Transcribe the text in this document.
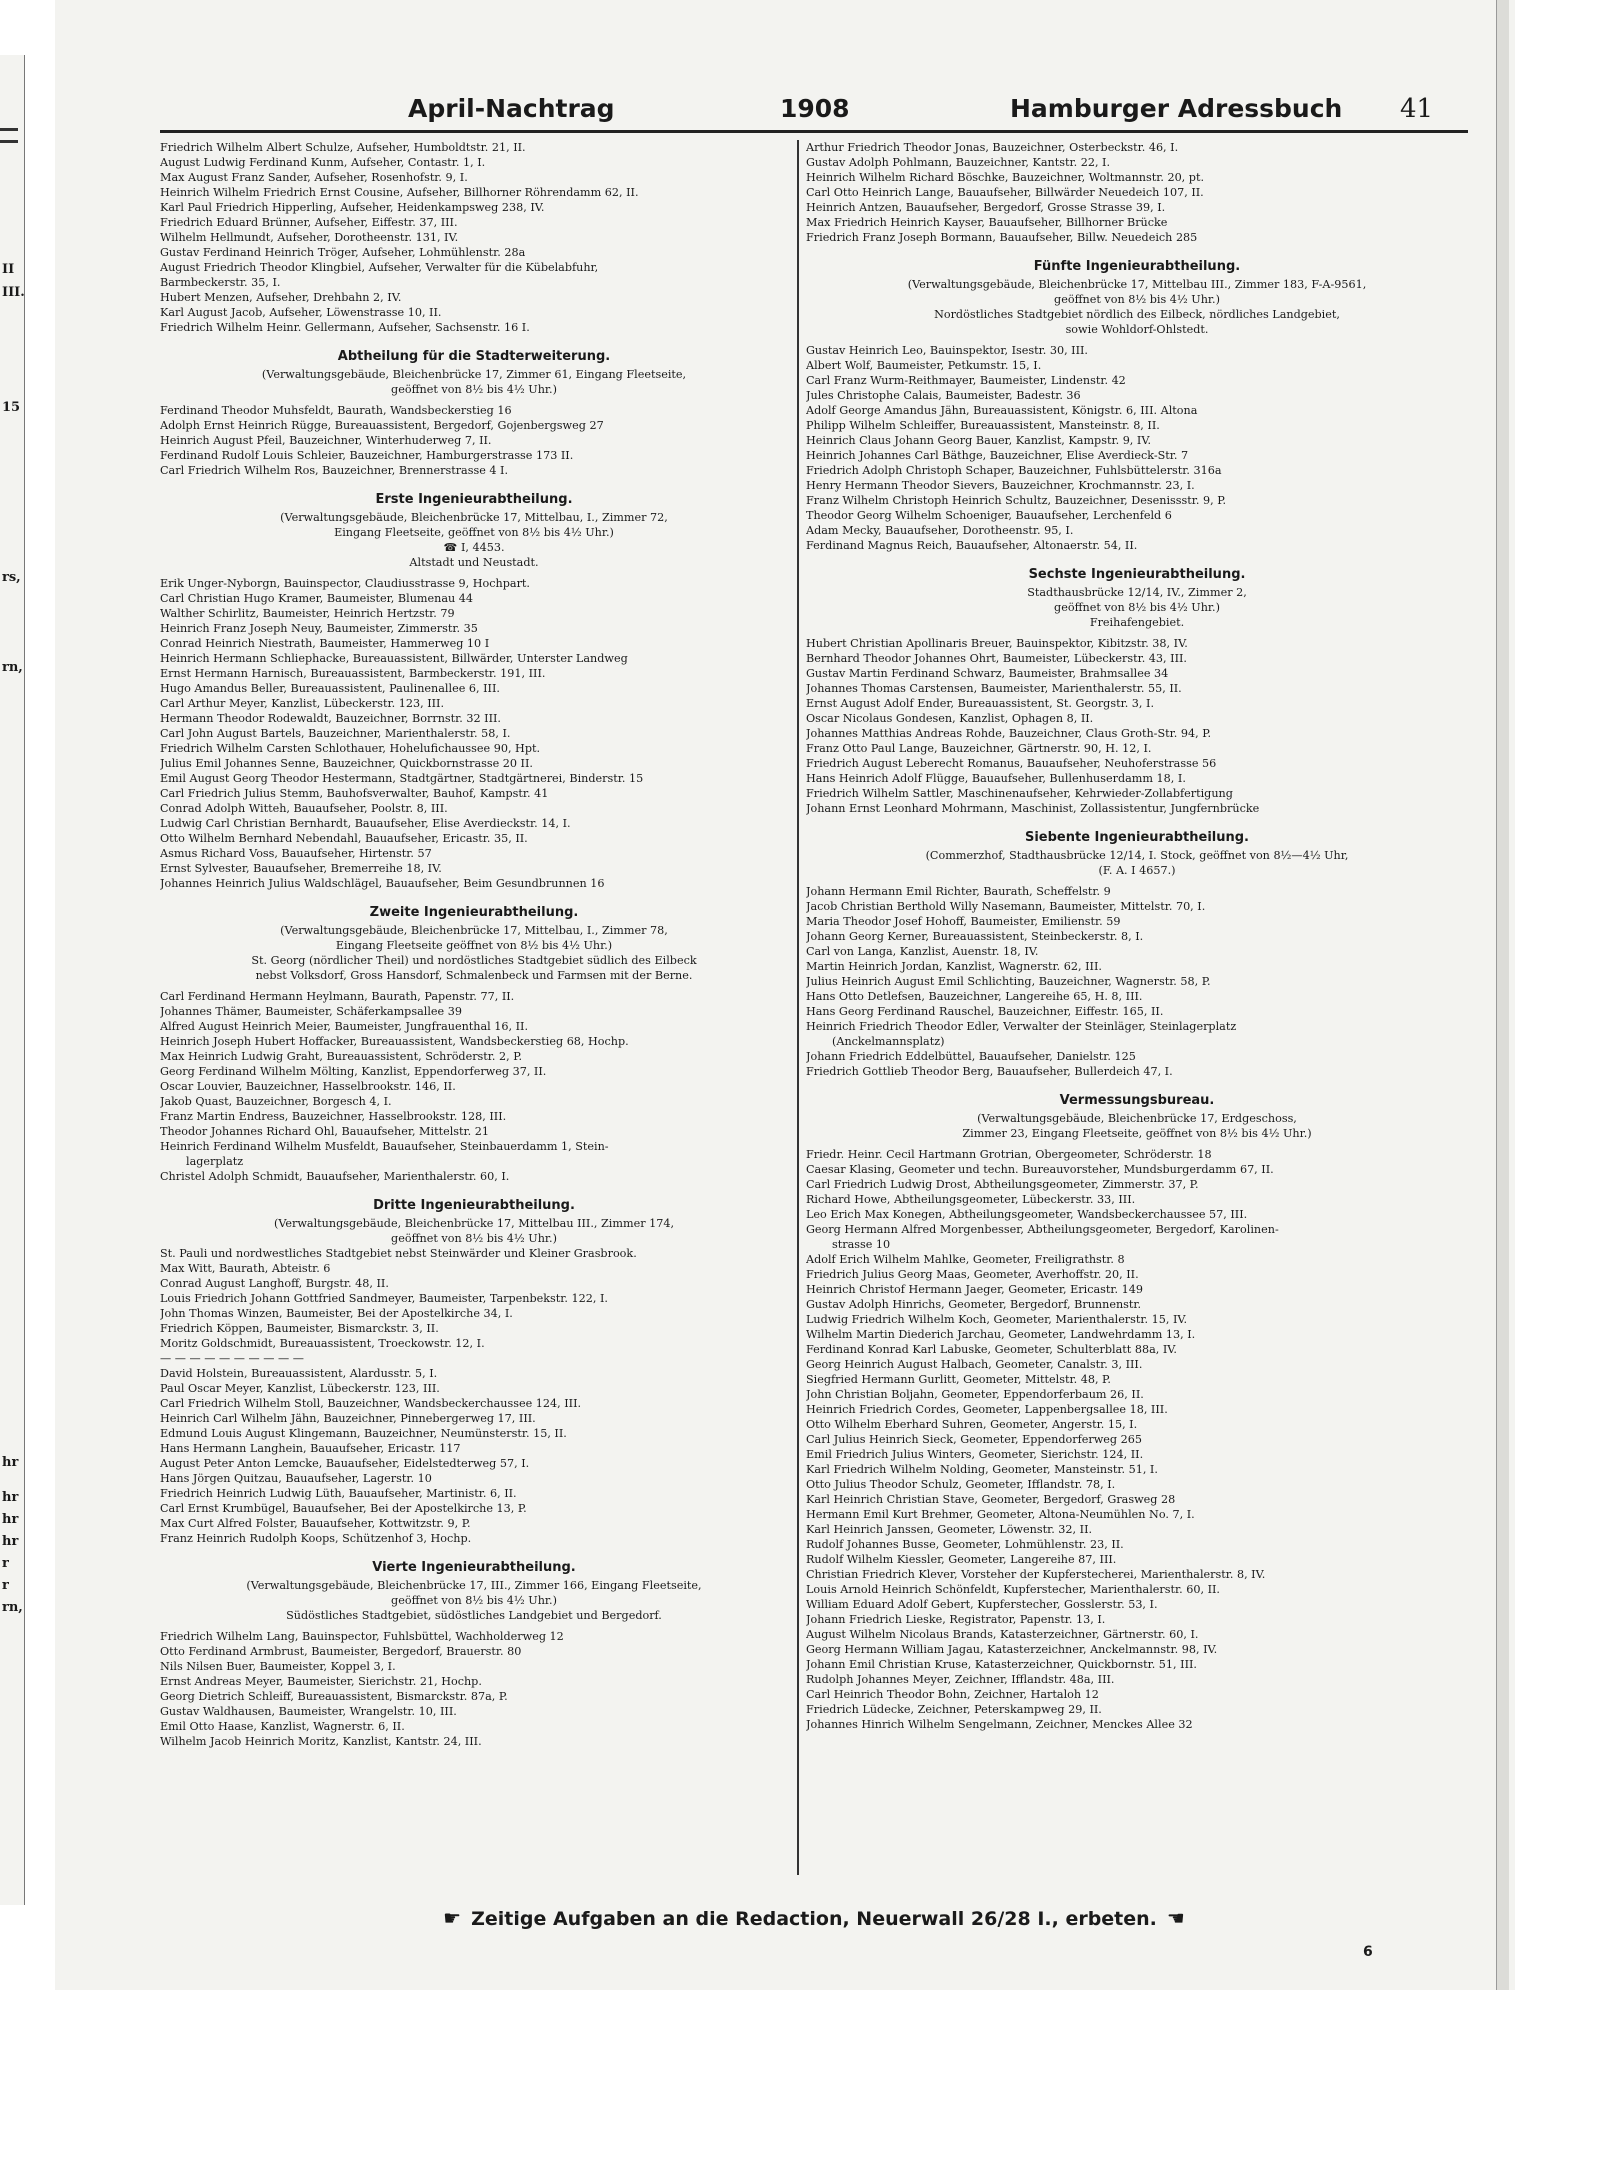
II
III.
15
rs,
rn,
hr
hr
hr
hr
r
r
rn,
April-Nachtrag	1908	Hamburger Adressbuch 41
Friedrich Wilhelm Albert Schulze, Aufseher, Humboldtstr. 21, II.
August Ludwig Ferdinand Kunm, Aufseher, Contastr. 1, I.
Max August Franz Sander, Aufseher, Rosenhofstr. 9, I.
Heinrich Wilhelm Friedrich Ernst Cousine, Aufseher, Billhorner Röhrendamm 62, II.
Karl Paul Friedrich Hipperling, Aufseher, Heidenkampsweg 238, IV.
Friedrich Eduard Brünner, Aufseher, Eiffestr. 37, III.
Wilhelm Hellmundt, Aufseher, Dorotheenstr. 131, IV.
Gustav Ferdinand Heinrich Tröger, Aufseher, Lohmühlenstr. 28a
August Friedrich Theodor Klingbiel, Aufseher, Verwalter für die Kübelabfuhr,
Barmbeckerstr. 35, I.
Hubert Menzen, Aufseher, Drehbahn 2, IV.
Karl August Jacob, Aufseher, Löwenstrasse 10, II.
Friedrich Wilhelm Heinr. Gellermann, Aufseher, Sachsenstr. 16 I.
Abtheilung für die Stadterweiterung.
(Verwaltungsgebäude, Bleichenbrücke 17, Zimmer 61, Eingang Fleetseite,
geöffnet von 8½ bis 4½ Uhr.)
Ferdinand Theodor Muhsfeldt, Baurath, Wandsbeckerstieg 16
Adolph Ernst Heinrich Rügge, Bureauassistent, Bergedorf, Gojenbergsweg 27
Heinrich August Pfeil, Bauzeichner, Winterhuderweg 7, II.
Ferdinand Rudolf Louis Schleier, Bauzeichner, Hamburgerstrasse 173 II.
Carl Friedrich Wilhelm Ros, Bauzeichner, Brennerstrasse 4 I.
Erste Ingenieurabtheilung.
(Verwaltungsgebäude, Bleichenbrücke 17, Mittelbau, I., Zimmer 72,
Eingang Fleetseite, geöffnet von 8½ bis 4½ Uhr.)
☎ I, 4453.
Altstadt und Neustadt.
Erik Unger-Nyborgn, Bauinspector, Claudiusstrasse 9, Hochpart.
Carl Christian Hugo Kramer, Baumeister, Blumenau 44
Walther Schirlitz, Baumeister, Heinrich Hertzstr. 79
Heinrich Franz Joseph Neuy, Baumeister, Zimmerstr. 35
Conrad Heinrich Niestrath, Baumeister, Hammerweg 10 I
Heinrich Hermann Schliephacke, Bureauassistent, Billwärder, Unterster Landweg
Ernst Hermann Harnisch, Bureauassistent, Barmbeckerstr. 191, III.
Hugo Amandus Beller, Bureauassistent, Paulinenallee 6, III.
Carl Arthur Meyer, Kanzlist, Lübeckerstr. 123, III.
Hermann Theodor Rodewaldt, Bauzeichner, Borrnstr. 32 III.
Carl John August Bartels, Bauzeichner, Marienthalerstr. 58, I.
Friedrich Wilhelm Carsten Schlothauer, Hohelufichaussee 90, Hpt.
Julius Emil Johannes Senne, Bauzeichner, Quickbornstrasse 20 II.
Emil August Georg Theodor Hestermann, Stadtgärtner, Stadtgärtnerei, Binderstr. 15
Carl Friedrich Julius Stemm, Bauhofsverwalter, Bauhof, Kampstr. 41
Conrad Adolph Witteh, Bauaufseher, Poolstr. 8, III.
Ludwig Carl Christian Bernhardt, Bauaufseher, Elise Averdieckstr. 14, I.
Otto Wilhelm Bernhard Nebendahl, Bauaufseher, Ericastr. 35, II.
Asmus Richard Voss, Bauaufseher, Hirtenstr. 57
Ernst Sylvester, Bauaufseher, Bremerreihe 18, IV.
Johannes Heinrich Julius Waldschlägel, Bauaufseher, Beim Gesundbrunnen 16
Zweite Ingenieurabtheilung.
(Verwaltungsgebäude, Bleichenbrücke 17, Mittelbau, I., Zimmer 78,
Eingang Fleetseite geöffnet von 8½ bis 4½ Uhr.)
St. Georg (nördlicher Theil) und nordöstliches Stadtgebiet südlich des Eilbeck
nebst Volksdorf, Gross Hansdorf, Schmalenbeck und Farmsen mit der Berne.
Carl Ferdinand Hermann Heylmann, Baurath, Papenstr. 77, II.
Johannes Thämer, Baumeister, Schäferkampsallee 39
Alfred August Heinrich Meier, Baumeister, Jungfrauenthal 16, II.
Heinrich Joseph Hubert Hoffacker, Bureauassistent, Wandsbeckerstieg 68, Hochp.
Max Heinrich Ludwig Graht, Bureauassistent, Schröderstr. 2, P.
Georg Ferdinand Wilhelm Mölting, Kanzlist, Eppendorferweg 37, II.
Oscar Louvier, Bauzeichner, Hasselbrookstr. 146, II.
Jakob Quast, Bauzeichner, Borgesch 4, I.
Franz Martin Endress, Bauzeichner, Hasselbrookstr. 128, III.
Theodor Johannes Richard Ohl, Bauaufseher, Mittelstr. 21
Heinrich Ferdinand Wilhelm Musfeldt, Bauaufseher, Steinbauerdamm 1, Stein-
lagerplatz
Christel Adolph Schmidt, Bauaufseher, Marienthalerstr. 60, I.
Dritte Ingenieurabtheilung.
(Verwaltungsgebäude, Bleichenbrücke 17, Mittelbau III., Zimmer 174,
geöffnet von 8½ bis 4½ Uhr.)
St. Pauli und nordwestliches Stadtgebiet nebst Steinwärder und Kleiner Grasbrook.
Max Witt, Baurath, Abteistr. 6
Conrad August Langhoff, Burgstr. 48, II.
Louis Friedrich Johann Gottfried Sandmeyer, Baumeister, Tarpenbekstr. 122, I.
John Thomas Winzen, Baumeister, Bei der Apostelkirche 34, I.
Friedrich Köppen, Baumeister, Bismarckstr. 3, II.
Moritz Goldschmidt, Bureauassistent, Troeckowstr. 12, I.
— — — — — — — — — —
David Holstein, Bureauassistent, Alardusstr. 5, I.
Paul Oscar Meyer, Kanzlist, Lübeckerstr. 123, III.
Carl Friedrich Wilhelm Stoll, Bauzeichner, Wandsbeckerchaussee 124, III.
Heinrich Carl Wilhelm Jähn, Bauzeichner, Pinnebergerweg 17, III.
Edmund Louis August Klingemann, Bauzeichner, Neumünsterstr. 15, II.
Hans Hermann Langhein, Bauaufseher, Ericastr. 117
August Peter Anton Lemcke, Bauaufseher, Eidelstedterweg 57, I.
Hans Jörgen Quitzau, Bauaufseher, Lagerstr. 10
Friedrich Heinrich Ludwig Lüth, Bauaufseher, Martinistr. 6, II.
Carl Ernst Krumbügel, Bauaufseher, Bei der Apostelkirche 13, P.
Max Curt Alfred Folster, Bauaufseher, Kottwitzstr. 9, P.
Franz Heinrich Rudolph Koops, Schützenhof 3, Hochp.
Vierte Ingenieurabtheilung.
(Verwaltungsgebäude, Bleichenbrücke 17, III., Zimmer 166, Eingang Fleetseite,
geöffnet von 8½ bis 4½ Uhr.)
Südöstliches Stadtgebiet, südöstliches Landgebiet und Bergedorf.
Friedrich Wilhelm Lang, Bauinspector, Fuhlsbüttel, Wachholderweg 12
Otto Ferdinand Armbrust, Baumeister, Bergedorf, Brauerstr. 80
Nils Nilsen Buer, Baumeister, Koppel 3, I.
Ernst Andreas Meyer, Baumeister, Sierichstr. 21, Hochp.
Georg Dietrich Schleiff, Bureauassistent, Bismarckstr. 87a, P.
Gustav Waldhausen, Baumeister, Wrangelstr. 10, III.
Emil Otto Haase, Kanzlist, Wagnerstr. 6, II.
Wilhelm Jacob Heinrich Moritz, Kanzlist, Kantstr. 24, III.
Arthur Friedrich Theodor Jonas, Bauzeichner, Osterbeckstr. 46, I.
Gustav Adolph Pohlmann, Bauzeichner, Kantstr. 22, I.
Heinrich Wilhelm Richard Böschke, Bauzeichner, Woltmannstr. 20, pt.
Carl Otto Heinrich Lange, Bauaufseher, Billwärder Neuedeich 107, II.
Heinrich Antzen, Bauaufseher, Bergedorf, Grosse Strasse 39, I.
Max Friedrich Heinrich Kayser, Bauaufseher, Billhorner Brücke
Friedrich Franz Joseph Bormann, Bauaufseher, Billw. Neuedeich 285
Fünfte Ingenieurabtheilung.
(Verwaltungsgebäude, Bleichenbrücke 17, Mittelbau III., Zimmer 183, F-A-9561,
geöffnet von 8½ bis 4½ Uhr.)
Nordöstliches Stadtgebiet nördlich des Eilbeck, nördliches Landgebiet,
sowie Wohldorf-Ohlstedt.
Gustav Heinrich Leo, Bauinspektor, Isestr. 30, III.
Albert Wolf, Baumeister, Petkumstr. 15, I.
Carl Franz Wurm-Reithmayer, Baumeister, Lindenstr. 42
Jules Christophe Calais, Baumeister, Badestr. 36
Adolf George Amandus Jähn, Bureauassistent, Königstr. 6, III. Altona
Philipp Wilhelm Schleiffer, Bureauassistent, Mansteinstr. 8, II.
Heinrich Claus Johann Georg Bauer, Kanzlist, Kampstr. 9, IV.
Heinrich Johannes Carl Bäthge, Bauzeichner, Elise Averdieck-Str. 7
Friedrich Adolph Christoph Schaper, Bauzeichner, Fuhlsbüttelerstr. 316a
Henry Hermann Theodor Sievers, Bauzeichner, Krochmannstr. 23, I.
Franz Wilhelm Christoph Heinrich Schultz, Bauzeichner, Desenissstr. 9, P.
Theodor Georg Wilhelm Schoeniger, Bauaufseher, Lerchenfeld 6
Adam Mecky, Bauaufseher, Dorotheenstr. 95, I.
Ferdinand Magnus Reich, Bauaufseher, Altonaerstr. 54, II.
Sechste Ingenieurabtheilung.
Stadthausbrücke 12/14, IV., Zimmer 2,
geöffnet von 8½ bis 4½ Uhr.)
Freihafengebiet.
Hubert Christian Apollinaris Breuer, Bauinspektor, Kibitzstr. 38, IV.
Bernhard Theodor Johannes Ohrt, Baumeister, Lübeckerstr. 43, III.
Gustav Martin Ferdinand Schwarz, Baumeister, Brahmsallee 34
Johannes Thomas Carstensen, Baumeister, Marienthalerstr. 55, II.
Ernst August Adolf Ender, Bureauassistent, St. Georgstr. 3, I.
Oscar Nicolaus Gondesen, Kanzlist, Ophagen 8, II.
Johannes Matthias Andreas Rohde, Bauzeichner, Claus Groth-Str. 94, P.
Franz Otto Paul Lange, Bauzeichner, Gärtnerstr. 90, H. 12, I.
Friedrich August Leberecht Romanus, Bauaufseher, Neuhoferstrasse 56
Hans Heinrich Adolf Flügge, Bauaufseher, Bullenhuserdamm 18, I.
Friedrich Wilhelm Sattler, Maschinenaufseher, Kehrwieder-Zollabfertigung
Johann Ernst Leonhard Mohrmann, Maschinist, Zollassistentur, Jungfernbrücke
Siebente Ingenieurabtheilung.
(Commerzhof, Stadthausbrücke 12/14, I. Stock, geöffnet von 8½—4½ Uhr,
(F. A. I 4657.)
Johann Hermann Emil Richter, Baurath, Scheffelstr. 9
Jacob Christian Berthold Willy Nasemann, Baumeister, Mittelstr. 70, I.
Maria Theodor Josef Hohoff, Baumeister, Emilienstr. 59
Johann Georg Kerner, Bureauassistent, Steinbeckerstr. 8, I.
Carl von Langa, Kanzlist, Auenstr. 18, IV.
Martin Heinrich Jordan, Kanzlist, Wagnerstr. 62, III.
Julius Heinrich August Emil Schlichting, Bauzeichner, Wagnerstr. 58, P.
Hans Otto Detlefsen, Bauzeichner, Langereihe 65, H. 8, III.
Hans Georg Ferdinand Rauschel, Bauzeichner, Eiffestr. 165, II.
Heinrich Friedrich Theodor Edler, Verwalter der Steinläger, Steinlagerplatz
(Anckelmannsplatz)
Johann Friedrich Eddelbüttel, Bauaufseher, Danielstr. 125
Friedrich Gottlieb Theodor Berg, Bauaufseher, Bullerdeich 47, I.
Vermessungsbureau.
(Verwaltungsgebäude, Bleichenbrücke 17, Erdgeschoss,
Zimmer 23, Eingang Fleetseite, geöffnet von 8½ bis 4½ Uhr.)
Friedr. Heinr. Cecil Hartmann Grotrian, Obergeometer, Schröderstr. 18
Caesar Klasing, Geometer und techn. Bureauvorsteher, Mundsburgerdamm 67, II.
Carl Friedrich Ludwig Drost, Abtheilungsgeometer, Zimmerstr. 37, P.
Richard Howe, Abtheilungsgeometer, Lübeckerstr. 33, III.
Leo Erich Max Konegen, Abtheilungsgeometer, Wandsbeckerchaussee 57, III.
Georg Hermann Alfred Morgenbesser, Abtheilungsgeometer, Bergedorf, Karolinen-
strasse 10
Adolf Erich Wilhelm Mahlke, Geometer, Freiligrathstr. 8
Friedrich Julius Georg Maas, Geometer, Averhoffstr. 20, II.
Heinrich Christof Hermann Jaeger, Geometer, Ericastr. 149
Gustav Adolph Hinrichs, Geometer, Bergedorf, Brunnenstr.
Ludwig Friedrich Wilhelm Koch, Geometer, Marienthalerstr. 15, IV.
Wilhelm Martin Diederich Jarchau, Geometer, Landwehrdamm 13, I.
Ferdinand Konrad Karl Labuske, Geometer, Schulterblatt 88a, IV.
Georg Heinrich August Halbach, Geometer, Canalstr. 3, III.
Siegfried Hermann Gurlitt, Geometer, Mittelstr. 48, P.
John Christian Boljahn, Geometer, Eppendorferbaum 26, II.
Heinrich Friedrich Cordes, Geometer, Lappenbergsallee 18, III.
Otto Wilhelm Eberhard Suhren, Geometer, Angerstr. 15, I.
Carl Julius Heinrich Sieck, Geometer, Eppendorferweg 265
Emil Friedrich Julius Winters, Geometer, Sierichstr. 124, II.
Karl Friedrich Wilhelm Nolding, Geometer, Mansteinstr. 51, I.
Otto Julius Theodor Schulz, Geometer, Ifflandstr. 78, I.
Karl Heinrich Christian Stave, Geometer, Bergedorf, Grasweg 28
Hermann Emil Kurt Brehmer, Geometer, Altona-Neumühlen No. 7, I.
Karl Heinrich Janssen, Geometer, Löwenstr. 32, II.
Rudolf Johannes Busse, Geometer, Lohmühlenstr. 23, II.
Rudolf Wilhelm Kiessler, Geometer, Langereihe 87, III.
Christian Friedrich Klever, Vorsteher der Kupferstecherei, Marienthalerstr. 8, IV.
Louis Arnold Heinrich Schönfeldt, Kupferstecher, Marienthalerstr. 60, II.
William Eduard Adolf Gebert, Kupferstecher, Gosslerstr. 53, I.
Johann Friedrich Lieske, Registrator, Papenstr. 13, I.
August Wilhelm Nicolaus Brands, Katasterzeichner, Gärtnerstr. 60, I.
Georg Hermann William Jagau, Katasterzeichner, Anckelmannstr. 98, IV.
Johann Emil Christian Kruse, Katasterzeichner, Quickbornstr. 51, III.
Rudolph Johannes Meyer, Zeichner, Ifflandstr. 48a, III.
Carl Heinrich Theodor Bohn, Zeichner, Hartaloh 12
Friedrich Lüdecke, Zeichner, Peterskampweg 29, II.
Johannes Hinrich Wilhelm Sengelmann, Zeichner, Menckes Allee 32
☛ Zeitige Aufgaben an die Redaction, Neuerwall 26/28 I., erbeten. ☚
6
